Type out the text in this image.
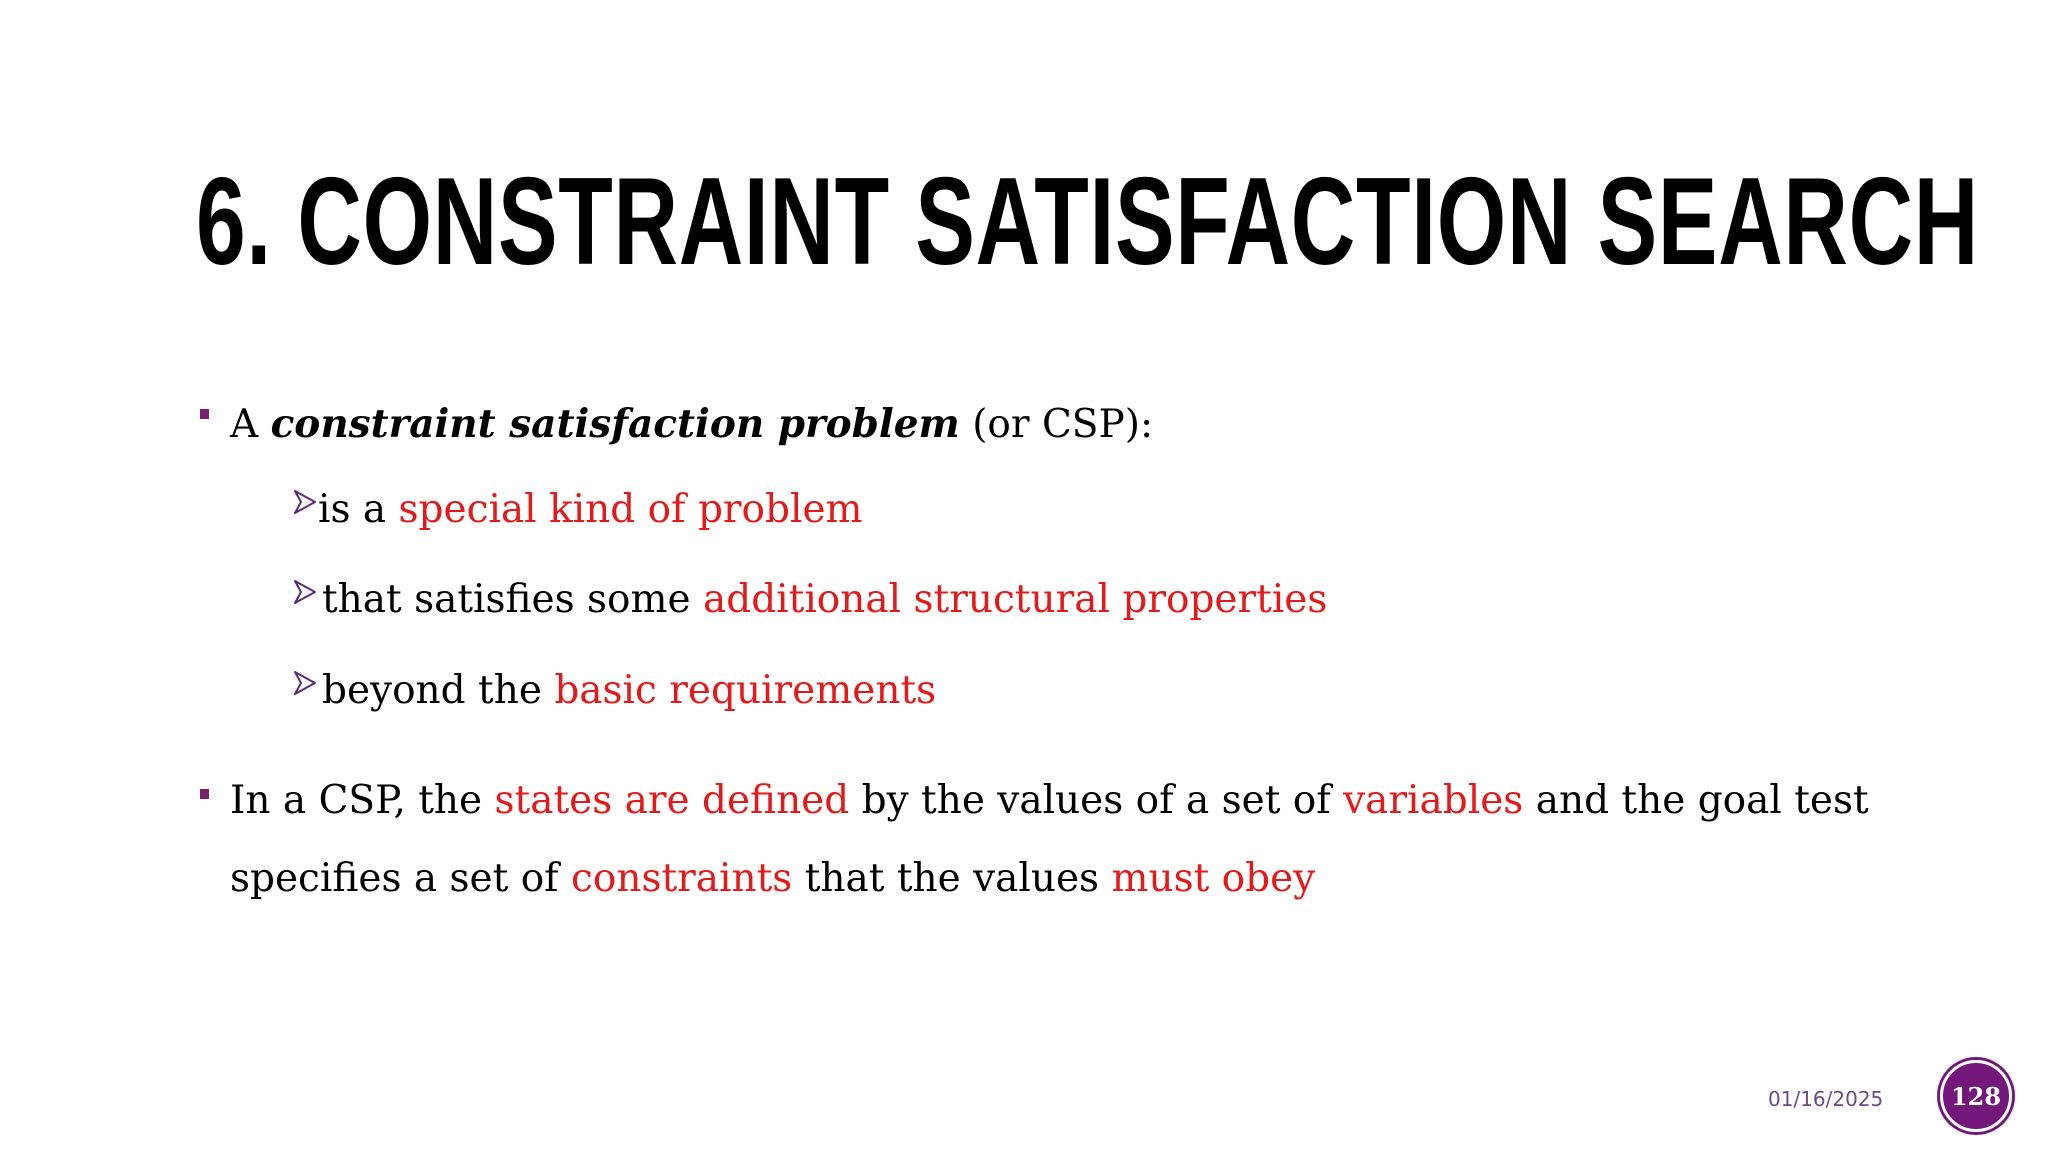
6. CONSTRAINT SATISFACTION SEARCH
A constraint satisfaction problem (or CSP):
is a special kind of problem
that satisfies some additional structural properties
beyond the basic requirements
In a CSP, the states are defined by the values of a set of variables and the goal test
specifies a set of constraints that the values must obey
01/16/2025	128
